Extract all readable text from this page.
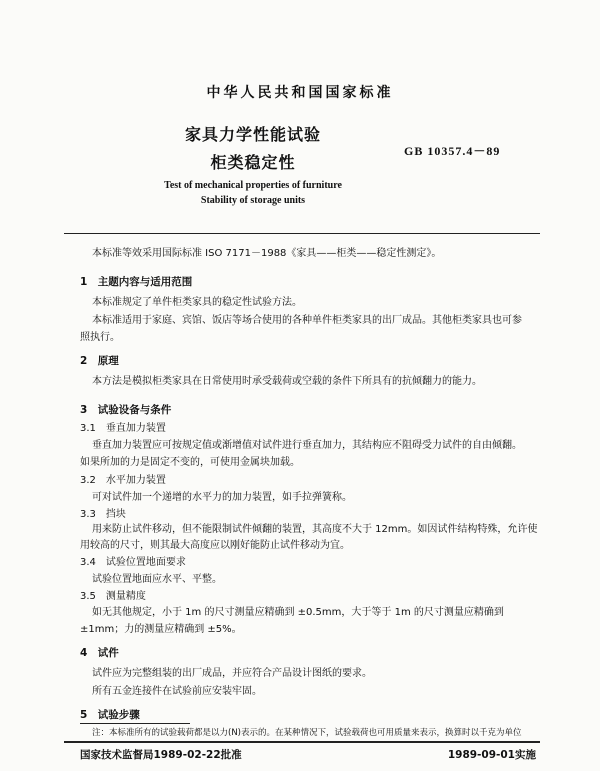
中华人民共和国国家标准
家具力学性能试验
柜类稳定性
GB 10357.4－89
Test of mechanical properties of furniture
Stability of storage units
本标准等效采用国际标准 ISO 7171－1988《家具——柜类——稳定性测定》。
1　主题内容与适用范围
本标准规定了单件柜类家具的稳定性试验方法。
本标准适用于家庭、宾馆、饭店等场合使用的各种单件柜类家具的出厂成品。其他柜类家具也可参
照执行。
2　原理
本方法是模拟柜类家具在日常使用时承受载荷或空载的条件下所具有的抗倾翻力的能力。
3　试验设备与条件
3.1　垂直加力装置
垂直加力装置应可按规定值或渐增值对试件进行垂直加力，其结构应不阻碍受力试件的自由倾翻。
如果所加的力是固定不变的，可使用金属块加载。
3.2　水平加力装置
可对试件加一个递增的水平力的加力装置，如手拉弹簧称。
3.3　挡块
用来防止试件移动，但不能限制试件倾翻的装置，其高度不大于 12mm。如因试件结构特殊，允许使
用较高的尺寸，则其最大高度应以刚好能防止试件移动为宜。
3.4　试验位置地面要求
试验位置地面应水平、平整。
3.5　测量精度
如无其他规定，小于 1m 的尺寸测量应精确到 ±0.5mm，大于等于 1m 的尺寸测量应精确到
±1mm；力的测量应精确到 ±5%。
4　试件
试件应为完整组装的出厂成品，并应符合产品设计图纸的要求。
所有五金连接件在试验前应安装牢固。
5　试验步骤
注：本标准所有的试验载荷都是以力(N)表示的。在某种情况下，试验载荷也可用质量来表示，换算时以千克为单位
国家技术监督局1989-02-22批准	1989-09-01实施
